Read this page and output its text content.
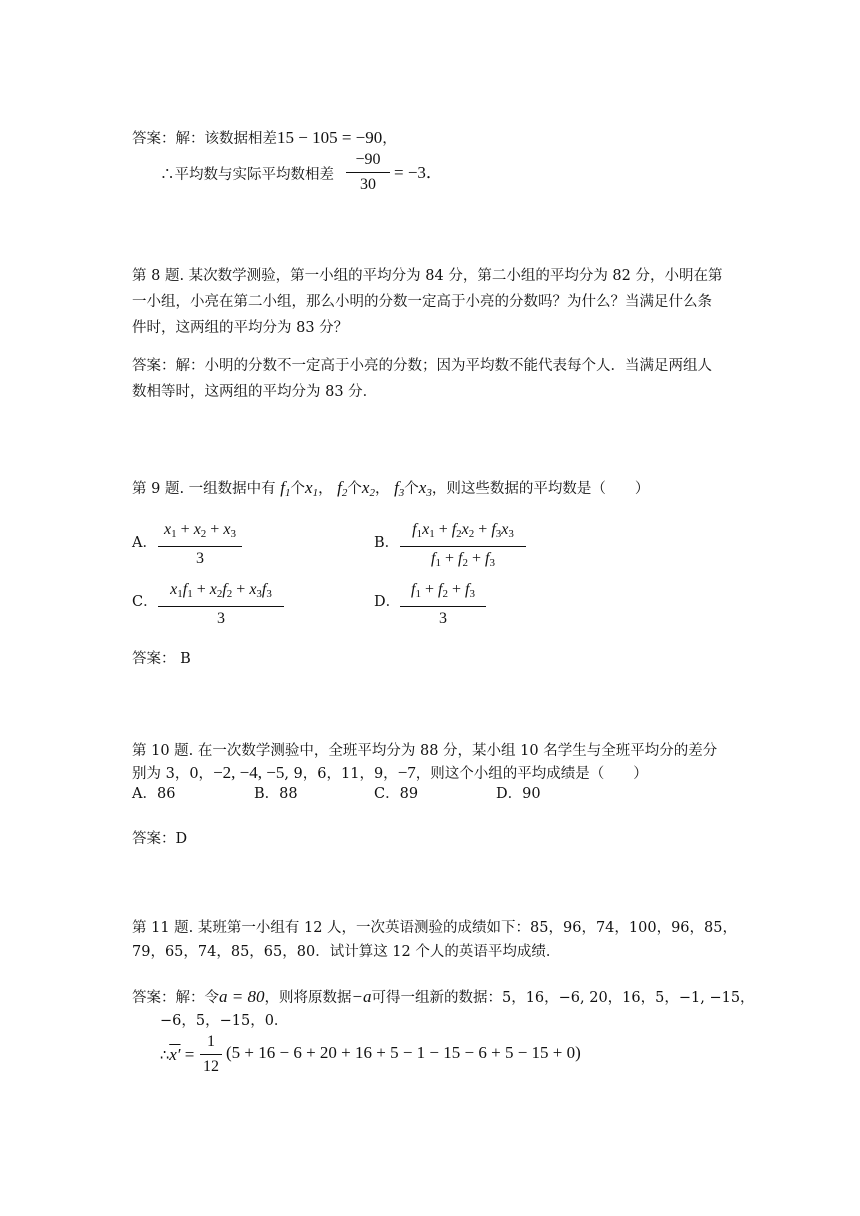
答案：解：该数据相差15 − 105 = −90，
∴平均数与实际平均数相差 $\frac{-90}{30} = -3$．
第 8 题. 某次数学测验，第一小组的平均分为 84 分，第二小组的平均分为 82 分，小明在第
一小组，小亮在第二小组，那么小明的分数一定高于小亮的分数吗？为什么？当满足什么条
件时，这两组的平均分为 83 分？
答案：解：小明的分数不一定高于小亮的分数；因为平均数不能代表每个人．当满足两组人
数相等时，这两组的平均分为 83 分．
第 9 题. 一组数据中有 $f_1$个$x_1$， $f_2$个$x_2$， $f_3$个$x_3$，则这些数据的平均数是（　　）
A． $\frac{x_1 + x_2 + x_3}{3}$	B． $\frac{f_1x_1 + f_2x_2 + f_3x_3}{f_1 + f_2 + f_3}$
C． $\frac{x_1f_1 + x_2f_2 + x_3f_3}{3}$	D． $\frac{f_1 + f_2 + f_3}{3}$
答案： B
第 10 题. 在一次数学测验中，全班平均分为 88 分，某小组 10 名学生与全班平均分的差分
别为 3，0，−2, −4, −5, 9，6，11，9，−7，则这个小组的平均成绩是（　　）
A．86	B．88	C．89	D．90
答案：D
第 11 题. 某班第一小组有 12 人，一次英语测验的成绩如下：85，96，74，100，96，85，
79，65，74，85，65，80．试计算这 12 个人的英语平均成绩．
答案：解：令a = 80，则将原数据−a可得一组新的数据：5，16，−6, 20，16，5，−1, −15，
−6，5，−15，0．
∴x′ = $\frac{1}{12} (5 + 16 - 6 + 20 + 16 + 5 - 1 - 15 - 6 + 5 - 15 + 0)$
